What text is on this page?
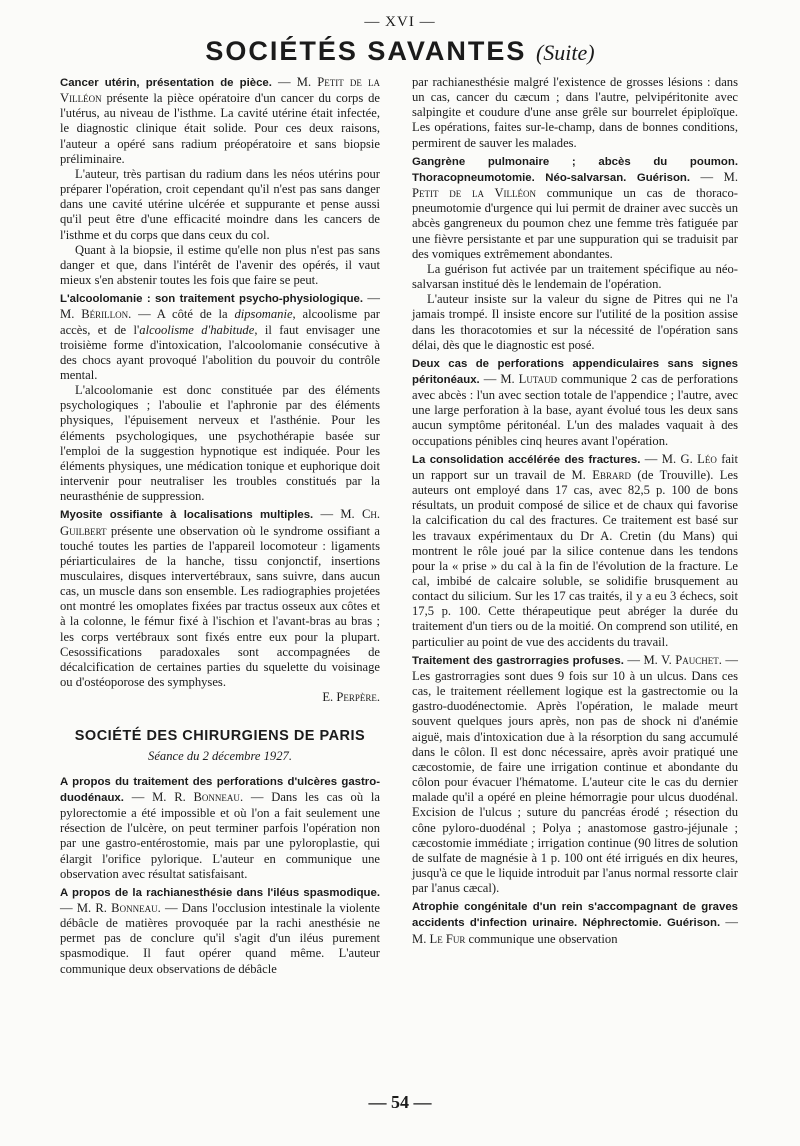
— XVI —
SOCIÉTÉS SAVANTES (Suite)

Cancer utérin, présentation de pièce. — M. Petit de la Villéon présente la pièce opératoire d'un cancer du corps de l'utérus, au niveau de l'isthme. La cavité utérine était infectée, le diagnostic clinique était solide. Pour ces deux raisons, l'auteur a opéré sans radium préopératoire et sans biopsie préliminaire.

L'auteur, très partisan du radium dans les néos utérins pour préparer l'opération, croit cependant qu'il n'est pas sans danger dans une cavité utérine ulcérée et suppurante et pense aussi qu'il peut être d'une efficacité moindre dans les cancers de l'isthme et du corps que dans ceux du col.

Quant à la biopsie, il estime qu'elle non plus n'est pas sans danger et que, dans l'intérêt de l'avenir des opérés, il vaut mieux s'en abstenir toutes les fois que faire se peut.

L'alcoolomanie : son traitement psycho-physiologique. — M. Bérillon. — A côté de la dipsomanie, alcoolisme par accès, et de l'alcoolisme d'habitude, il faut envisager une troisième forme d'intoxication, l'alcoolomanie consécutive à des chocs ayant provoqué l'abolition du pouvoir du contrôle mental.

L'alcoolomanie est donc constituée par des éléments psychologiques ; l'aboulie et l'aphronie par des éléments physiques, l'épuisement nerveux et l'asthénie. Pour les éléments psychologiques, une psychothérapie basée sur l'emploi de la suggestion hypnotique est indiquée. Pour les éléments physiques, une médication tonique et euphorique doit intervenir pour neutraliser les troubles constitués par la neurasthénie de suppression.

Myosite ossifiante à localisations multiples. — M. Ch. Guilbert présente une observation où le syndrome ossifiant a touché toutes les parties de l'appareil locomoteur : ligaments périarticulaires de la hanche, tissu conjonctif, insertions musculaires, disques intervertébraux, sans suivre, dans aucun cas, un muscle dans son ensemble. Les radiographies projetées ont montré les omoplates fixées par tractus osseux aux côtes et à la colonne, le fémur fixé à l'ischion et l'avant-bras au bras ; les corps vertébraux sont fixés entre eux pour la plupart. Cesossifications paradoxales sont accompagnées de décalcification de certaines parties du squelette du voisinage ou d'ostéoporose des symphyses.

E. Perpère.

SOCIÉTÉ DES CHIRURGIENS DE PARIS
Séance du 2 décembre 1927.

A propos du traitement des perforations d'ulcères gastro-duodénaux. — M. R. Bonneau. — Dans les cas où la pylorectomie a été impossible et où l'on a fait seulement une résection de l'ulcère, on peut terminer parfois l'opération non par une gastro-entérostomie, mais par une pyloroplastie, qui élargit l'orifice pylorique. L'auteur en communique une observation avec résultat satisfaisant.

A propos de la rachianesthésie dans l'iléus spasmodique. — M. R. Bonneau. — Dans l'occlusion intestinale la violente débâcle de matières provoquée par la rachi anesthésie ne permet pas de conclure qu'il s'agit d'un iléus purement spasmodique. Il faut opérer quand même. L'auteur communique deux observations de débâcle

par rachianesthésie malgré l'existence de grosses lésions : dans un cas, cancer du cæcum ; dans l'autre, pelvipéritonite avec salpingite et coudure d'une anse grêle sur bourrelet épiploïque. Les opérations, faites sur-le-champ, dans de bonnes conditions, permirent de sauver les malades.

Gangrène pulmonaire ; abcès du poumon. Thoracopneumotomie. Néo-salvarsan. Guérison. — M. Petit de la Villéon communique un cas de thoraco-pneumotomie d'urgence qui lui permit de drainer avec succès un abcès gangreneux du poumon chez une femme très fatiguée par une fièvre persistante et par une suppuration qui se traduisit par des vomiques extrêmement abondantes.

La guérison fut activée par un traitement spécifique au néo-salvarsan institué dès le lendemain de l'opération.

L'auteur insiste sur la valeur du signe de Pitres qui ne l'a jamais trompé. Il insiste encore sur l'utilité de la position assise dans les thoracotomies et sur la nécessité de l'opération sans délai, dès que le diagnostic est posé.

Deux cas de perforations appendiculaires sans signes péritonéaux. — M. Lutaud communique 2 cas de perforations avec abcès : l'un avec section totale de l'appendice ; l'autre, avec une large perforation à la base, ayant évolué tous les deux sans aucun symptôme péritonéal. L'un des malades vaquait à des occupations pénibles cinq heures avant l'opération.

La consolidation accélérée des fractures. — M. G. Léo fait un rapport sur un travail de M. Ebrard (de Trouville). Les auteurs ont employé dans 17 cas, avec 82,5 p. 100 de bons résultats, un produit composé de silice et de chaux qui favorise la calcification du cal des fractures. Ce traitement est basé sur les travaux expérimentaux du Dr A. Cretin (du Mans) qui montrent le rôle joué par la silice contenue dans les tendons pour la « prise » du cal à la fin de l'évolution de la fracture. Le cal, imbibé de calcaire soluble, se solidifie brusquement au contact du silicium. Sur les 17 cas traités, il y a eu 3 échecs, soit 17,5 p. 100. Cette thérapeutique peut abréger la durée du traitement d'un tiers ou de la moitié. On comprend son utilité, en particulier au point de vue des accidents du travail.

Traitement des gastrorragies profuses. — M. V. Pauchet. — Les gastrorragies sont dues 9 fois sur 10 à un ulcus. Dans ces cas, le traitement réellement logique est la gastrectomie ou la gastro-duodénectomie. Après l'opération, le malade meurt souvent quelques jours après, non pas de shock ni d'anémie aiguë, mais d'intoxication due à la résorption du sang accumulé dans le côlon. Il est donc nécessaire, après avoir pratiqué une cæcostomie, de faire une irrigation continue et abondante du côlon pour évacuer l'hématome. L'auteur cite le cas du dernier malade qu'il a opéré en pleine hémorragie pour ulcus duodénal. Excision de l'ulcus ; suture du pancréas érodé ; résection du cône pyloro-duodénal ; Polya ; anastomose gastro-jéjunale ; cæcostomie immédiate ; irrigation continue (90 litres de solution de sulfate de magnésie à 1 p. 100 ont été irrigués en dix heures, jusqu'à ce que le liquide introduit par l'anus normal ressorte clair par l'anus cæcal).

Atrophie congénitale d'un rein s'accompagnant de graves accidents d'infection urinaire. Néphrectomie. Guérison. — M. Le Fur communique une observation

— 54 —
